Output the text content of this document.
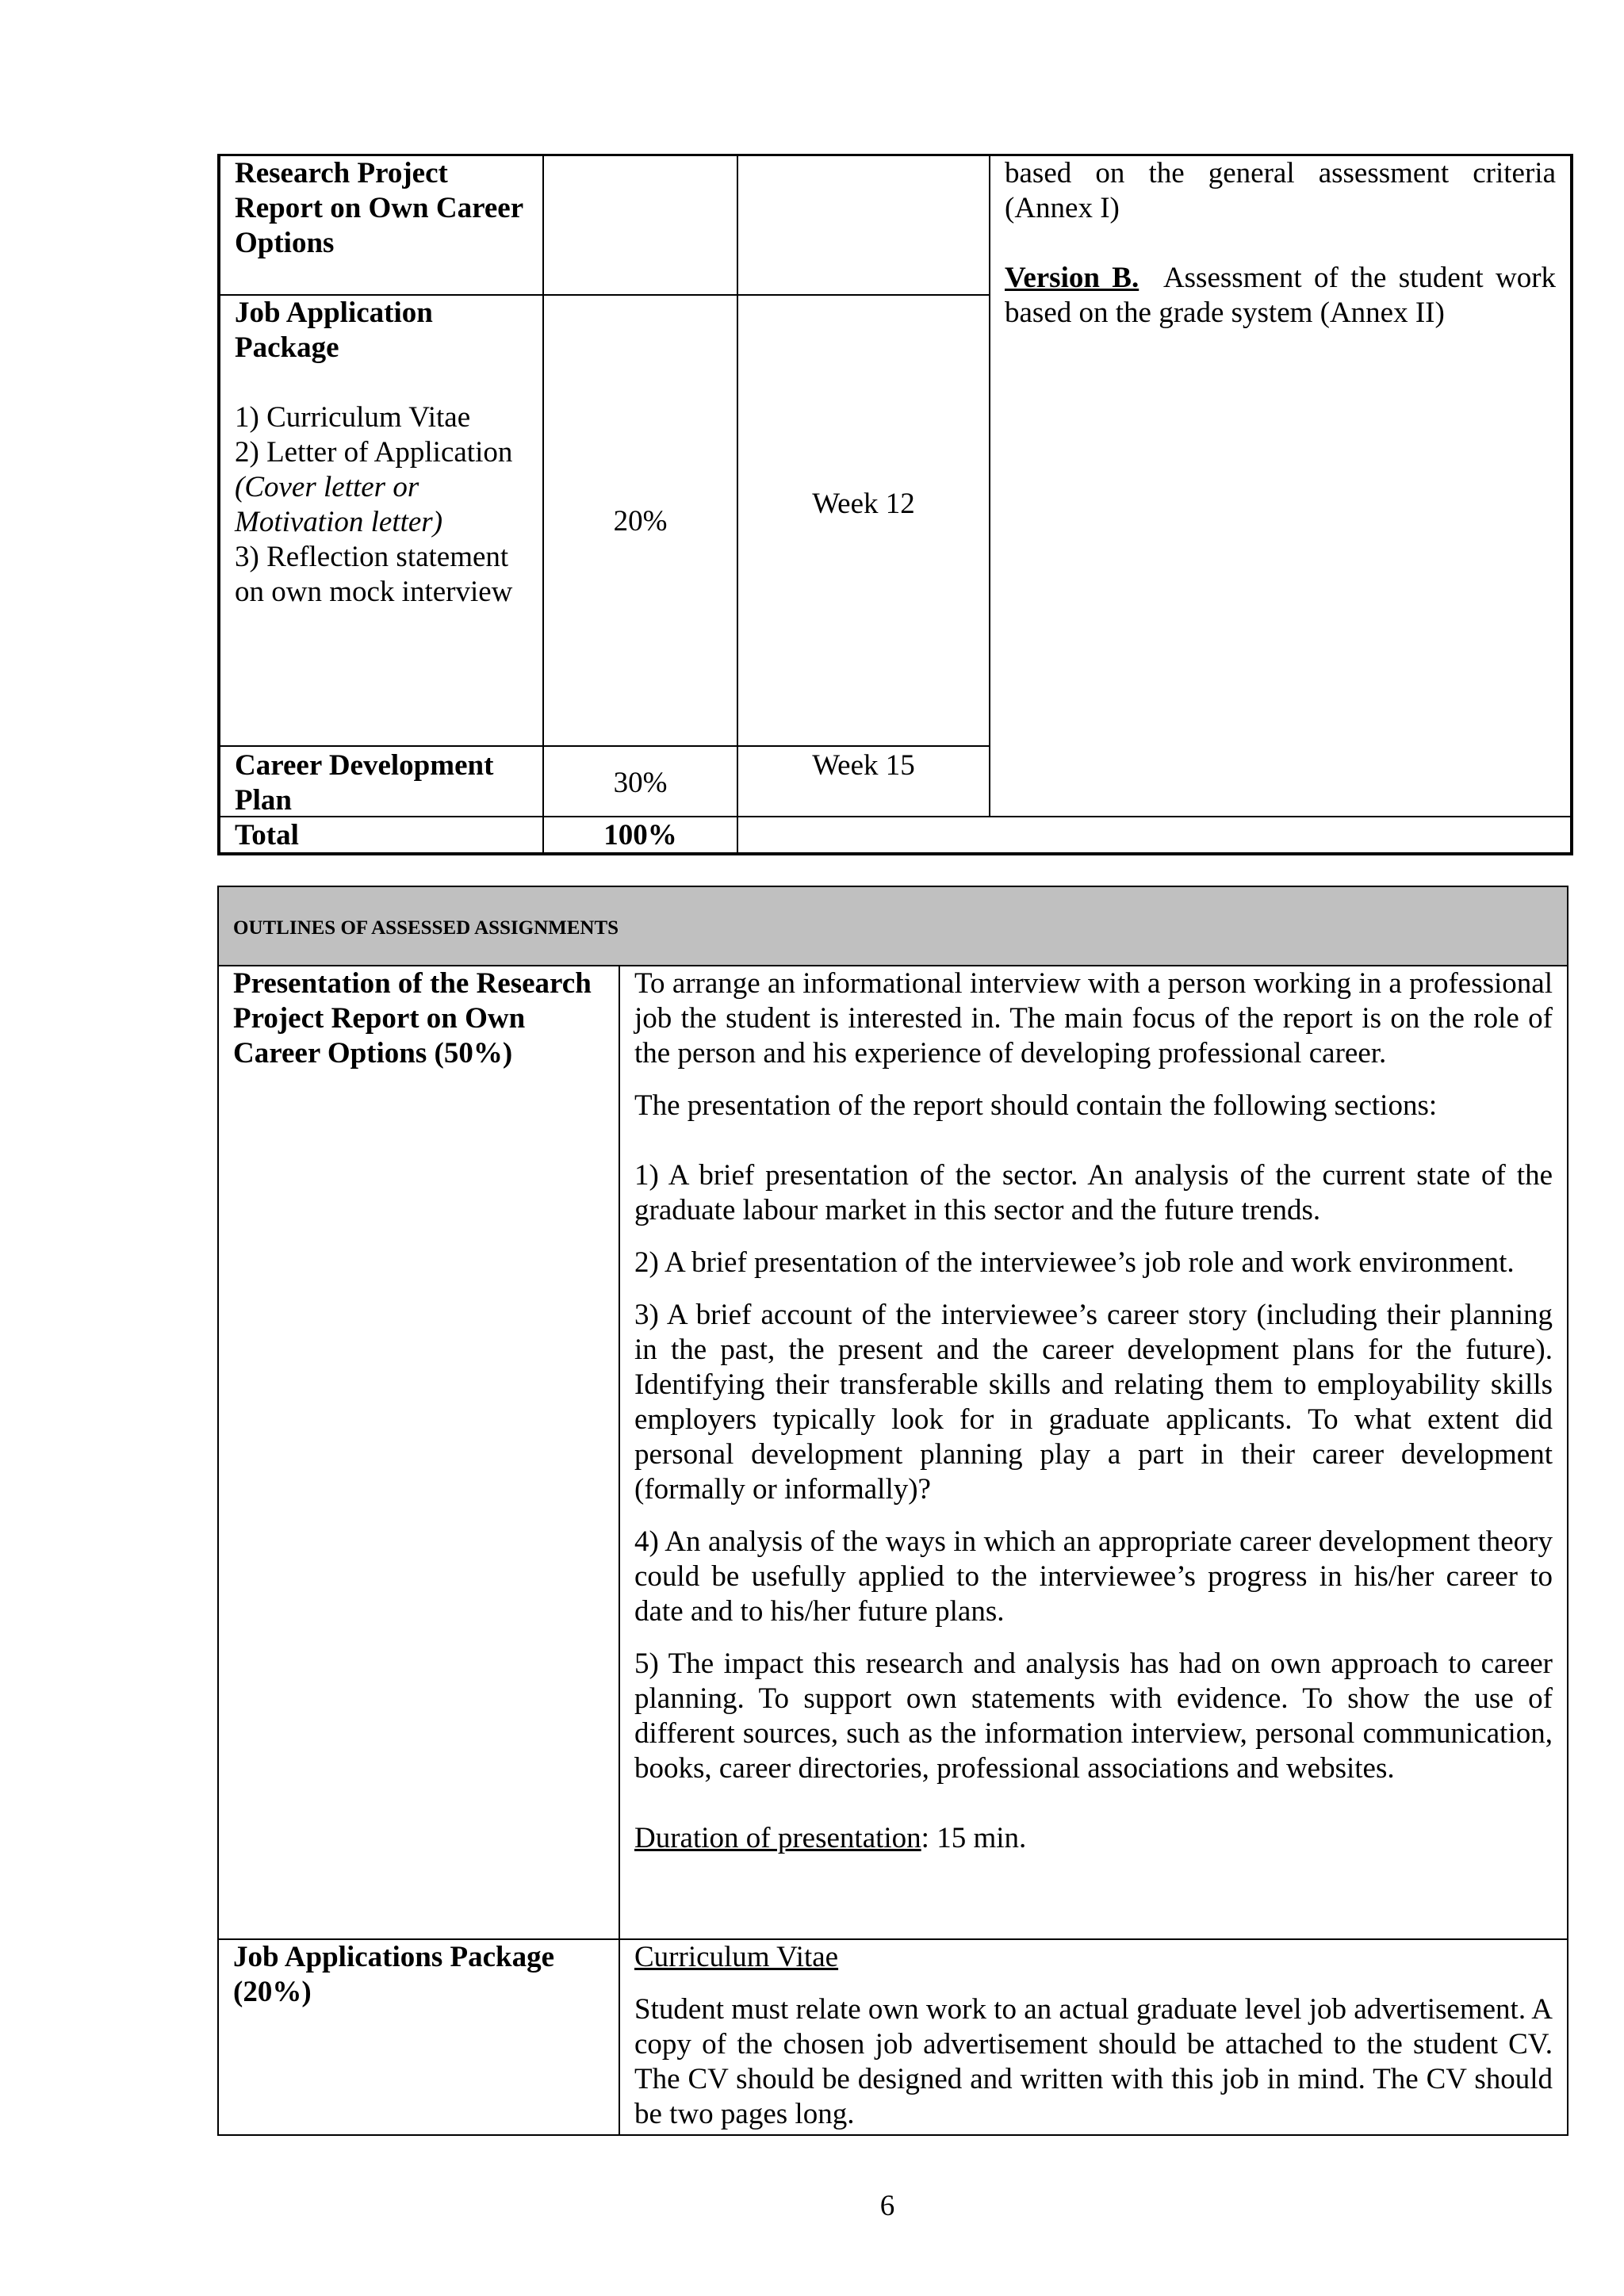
Research Project Report on Own Career Options

based on the general assessment criteria

(Annex I)

Version B. Assessment of the student work

based on the grade system (Annex II)

Job Application Package

1) Curriculum Vitae

2) Letter of Application

(Cover letter or

Motivation letter)

3) Reflection statement

on own mock interview

20%
Week 12
Career Development Plan
30%
Week 15
Total	100%
OUTLINES OF ASSESSED ASSIGNMENTS
Presentation of the Research Project Report on Own Career Options (50%)

To arrange an informational interview with a person working in a professional job the student is interested in. The main focus of the report is on the role of the person and his experience of developing professional career.

The presentation of the report should contain the following sections:

1) A brief presentation of the sector. An analysis of the current state of the graduate labour market in this sector and the future trends.

2) A brief presentation of the interviewee’s job role and work environment.

3) A brief account of the interviewee’s career story (including their planning in the past, the present and the career development plans for the future). Identifying their transferable skills and relating them to employability skills employers typically look for in graduate applicants. To what extent did personal development planning play a part in their career development (formally or informally)?

4) An analysis of the ways in which an appropriate career development theory could be usefully applied to the interviewee’s progress in his/her career to date and to his/her future plans.

5) The impact this research and analysis has had on own approach to career planning. To support own statements with evidence. To show the use of different sources, such as the information interview, personal communication, books, career directories, professional associations and websites.

Duration of presentation: 15 min.

Job Applications Package (20%)

Curriculum Vitae

Student must relate own work to an actual graduate level job advertisement. A copy of the chosen job advertisement should be attached to the student CV. The CV should be designed and written with this job in mind. The CV should be two pages long.

6
